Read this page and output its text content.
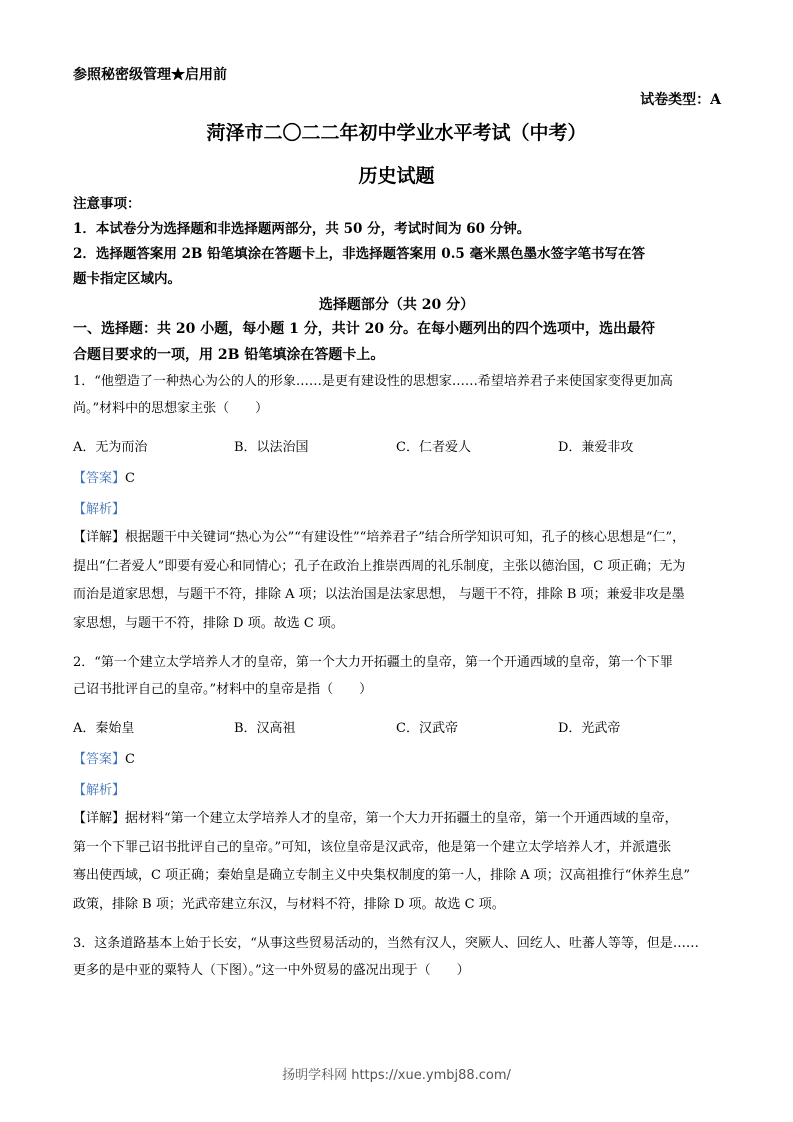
参照秘密级管理★启用前
试卷类型：A
菏泽市二〇二二年初中学业水平考试（中考）
历史试题
注意事项：
1．本试卷分为选择题和非选择题两部分，共 50 分，考试时间为 60 分钟。
2．选择题答案用 2B 铅笔填涂在答题卡上，非选择题答案用 0.5 毫米黑色墨水签字笔书写在答
题卡指定区域内。
选择题部分（共 20 分）
一、选择题：共 20 小题，每小题 1 分，共计 20 分。在每小题列出的四个选项中，选出最符
合题目要求的一项，用 2B 铅笔填涂在答题卡上。
1．“他塑造了一种热心为公的人的形象……是更有建设性的思想家……希望培养君子来使国家变得更加高
尚。”材料中的思想家主张（　　）
A．无为而治	B．以法治国	C．仁者爱人	D．兼爱非攻
【答案】C
【解析】
【详解】根据题干中关键词“热心为公”“有建设性”“培养君子”结合所学知识可知，孔子的核心思想是“仁”，
提出“仁者爱人”即要有爱心和同情心；孔子在政治上推崇西周的礼乐制度，主张以德治国，C 项正确；无为
而治是道家思想，与题干不符，排除 A 项；以法治国是法家思想， 与题干不符，排除 B 项；兼爱非攻是墨
家思想，与题干不符，排除 D 项。故选 C 项。
2．“第一个建立太学培养人才的皇帝，第一个大力开拓疆土的皇帝，第一个开通西域的皇帝，第一个下罪
己诏书批评自己的皇帝。”材料中的皇帝是指（　　）
A．秦始皇	B．汉高祖	C．汉武帝	D．光武帝
【答案】C
【解析】
【详解】据材料“第一个建立太学培养人才的皇帝，第一个大力开拓疆土的皇帝，第一个开通西域的皇帝，
第一个下罪己诏书批评自己的皇帝。”可知，该位皇帝是汉武帝，他是第一个建立太学培养人才，并派遣张
骞出使西域，C 项正确；秦始皇是确立专制主义中央集权制度的第一人，排除 A 项；汉高祖推行“休养生息”
政策，排除 B 项；光武帝建立东汉，与材料不符，排除 D 项。故选 C 项。
3．这条道路基本上始于长安，“从事这些贸易活动的，当然有汉人，突厥人、回纥人、吐蕃人等等，但是……
更多的是中亚的粟特人（下图）。”这一中外贸易的盛况出现于（　　）
扬明学科网 https://xue.ymbj88.com/
